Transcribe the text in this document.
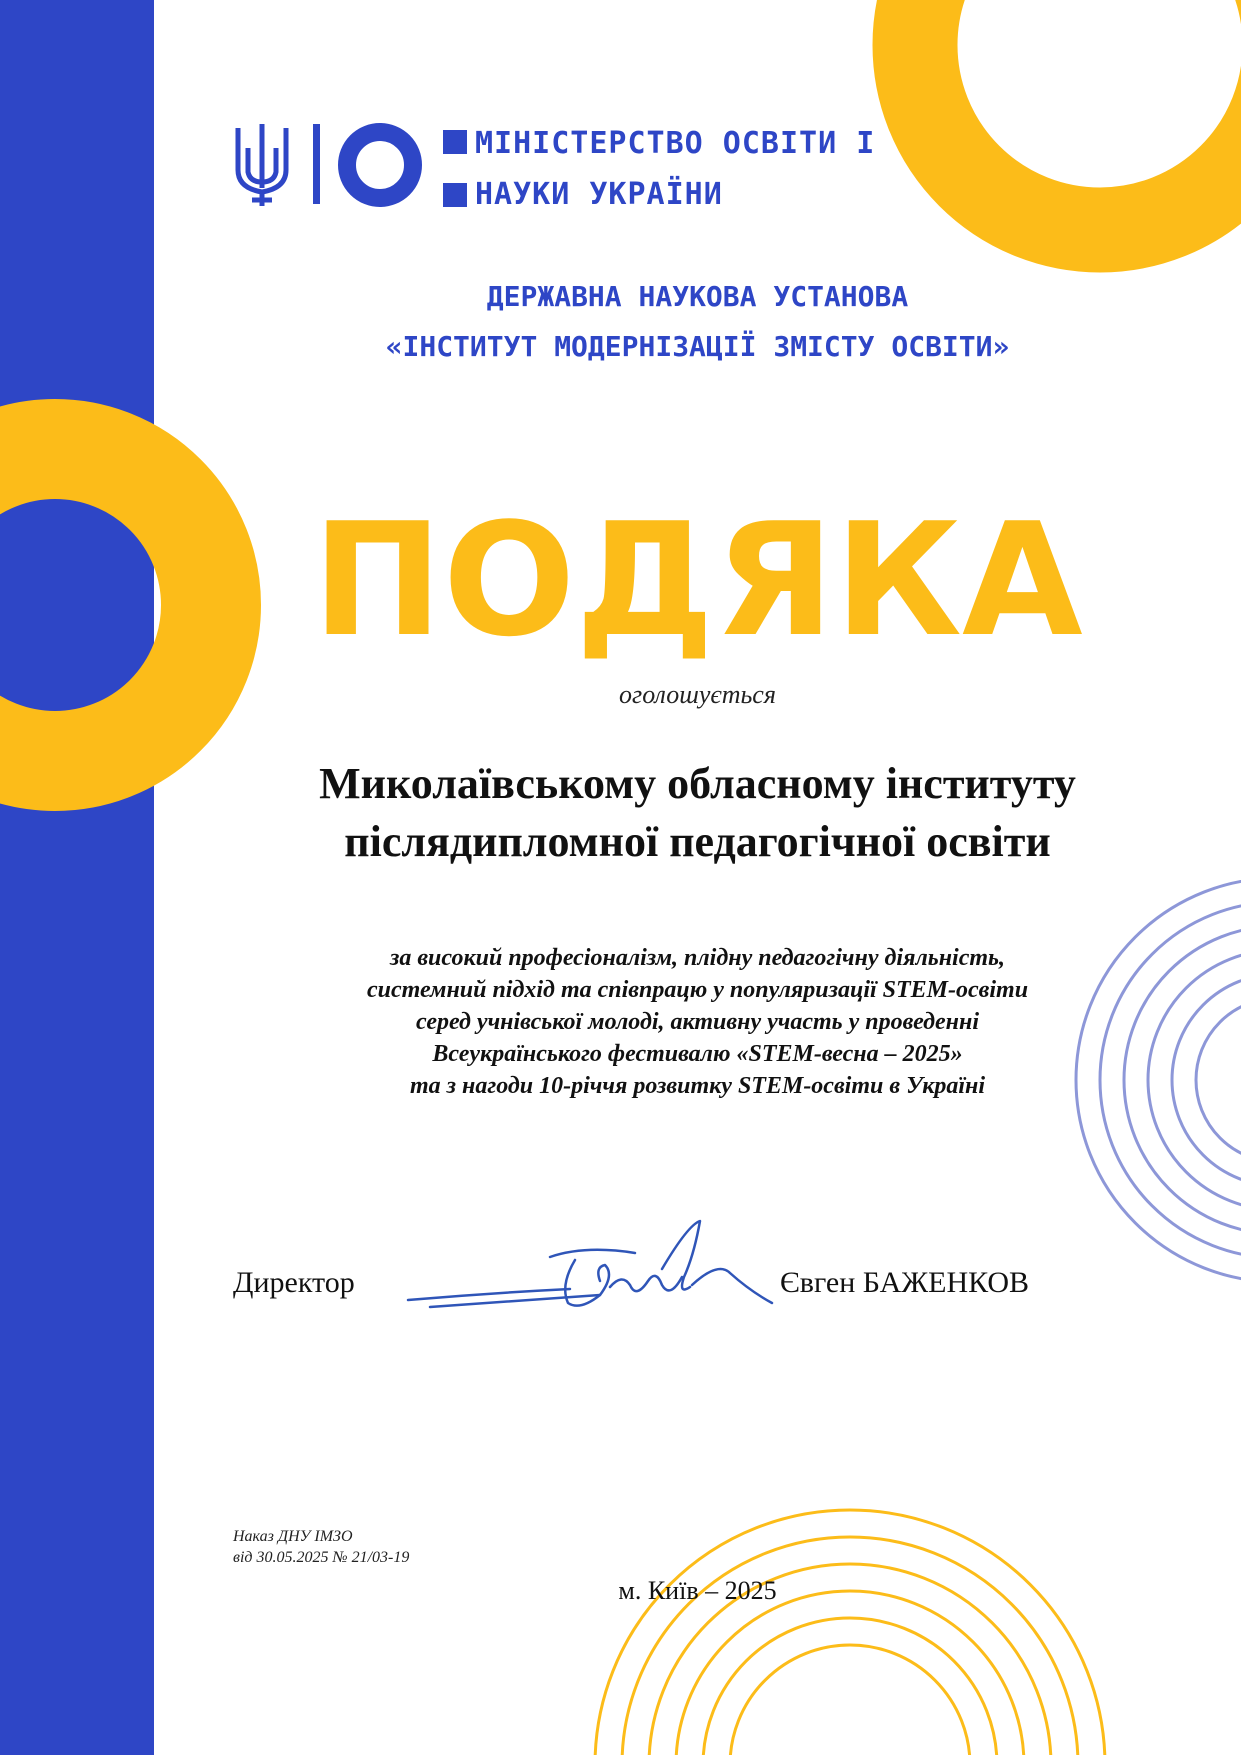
МІНІСТЕРСТВО ОСВІТИ І
НАУКИ УКРАЇНИ
ДЕРЖАВНА НАУКОВА УСТАНОВА
«ІНСТИТУТ МОДЕРНІЗАЦІЇ ЗМІСТУ ОСВІТИ»
ПОДЯКА
оголошується
Миколаївському обласному інституту
післядипломної педагогічної освіти
за високий професіоналізм, плідну педагогічну діяльність,
системний підхід та співпрацю у популяризації STEM-освіти
серед учнівської молоді, активну участь у проведенні
Всеукраїнського фестивалю «STEM-весна – 2025»
та з нагоди 10-річчя розвитку STEM-освіти в Україні
Директор	Євген БАЖЕНКОВ
Наказ ДНУ ІМЗО
від 30.05.2025 № 21/03-19
м. Київ – 2025
